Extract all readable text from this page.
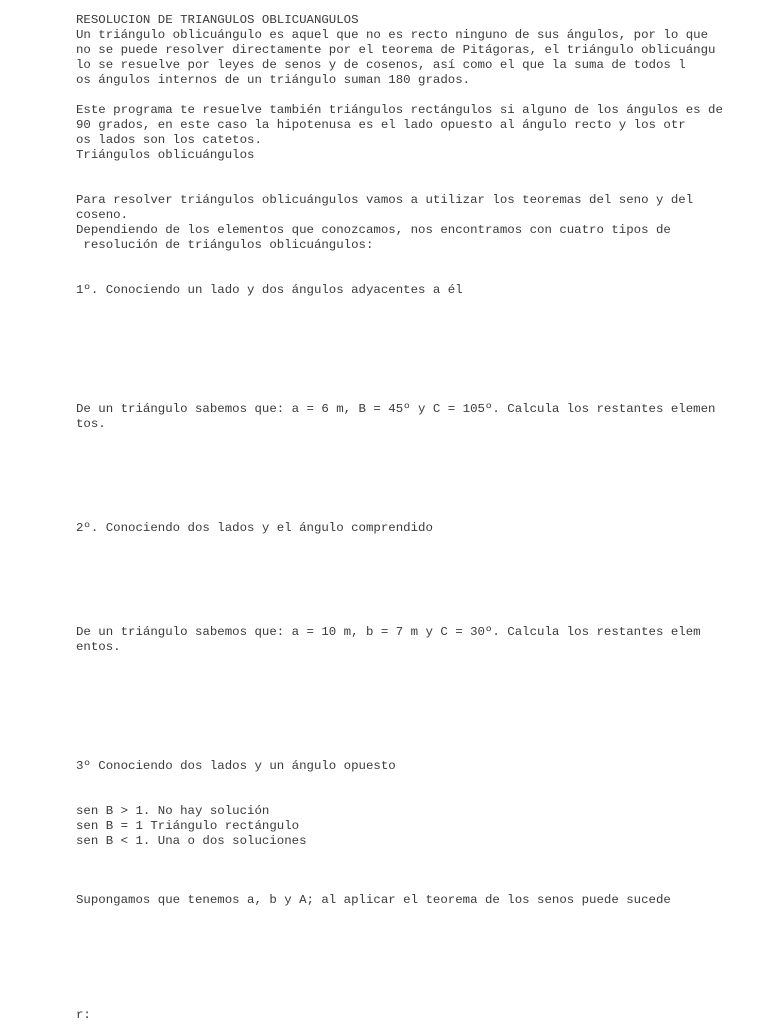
RESOLUCION DE TRIANGULOS OBLICUANGULOS

Un triángulo oblicuángulo es aquel que no es recto ninguno de sus ángulos, por lo que

no se puede resolver directamente por el teorema de Pitágoras, el triángulo oblicuángu

lo se resuelve por leyes de senos y de cosenos, así como el que la suma de todos l

os ángulos internos de un triángulo suman 180 grados.

Este programa te resuelve también triángulos rectángulos si alguno de los ángulos es de

90 grados, en este caso la hipotenusa es el lado opuesto al ángulo recto y los otr

os lados son los catetos.

Triángulos oblicuángulos

Para resolver triángulos oblicuángulos vamos a utilizar los teoremas del seno y del

coseno.

Dependiendo de los elementos que conozcamos, nos encontramos con cuatro tipos de

resolución de triángulos oblicuángulos:

1º. Conociendo un lado y dos ángulos adyacentes a él

De un triángulo sabemos que: a = 6 m, B = 45º y C = 105º. Calcula los restantes elemen

tos.

2º. Conociendo dos lados y el ángulo comprendido

De un triángulo sabemos que: a = 10 m, b = 7 m y C = 30º. Calcula los restantes elem

entos.

3º Conociendo dos lados y un ángulo opuesto

sen B > 1. No hay solución

sen B = 1 Triángulo rectángulo

sen B < 1. Una o dos soluciones

Supongamos que tenemos a, b y A; al aplicar el teorema de los senos puede sucede

r:
